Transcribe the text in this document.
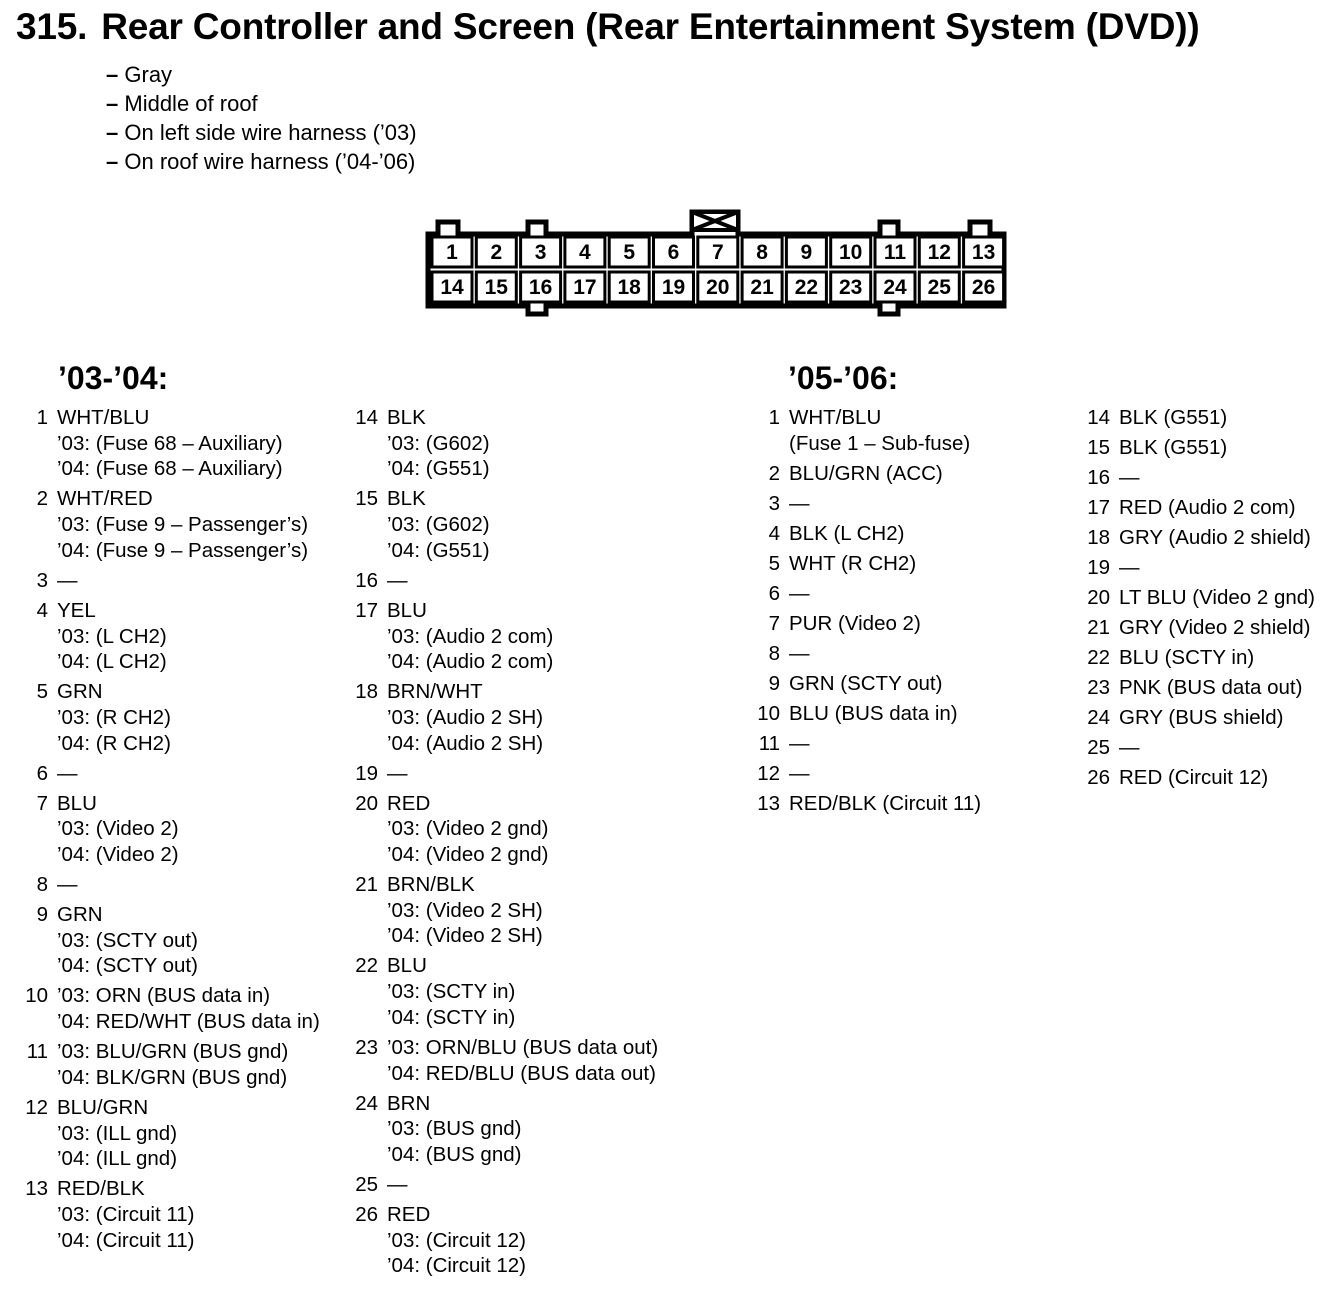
315. Rear Controller and Screen (Rear Entertainment System (DVD))
– Gray
– Middle of roof
– On left side wire harness (’03)
– On roof wire harness (’04-’06)
1	2	3	4	5	6	7	8	9	10	11	12 13
14 15 16 17 18 19 20 21 22 23 24 25 26
’03-’04:	’05-’06:
1 WHT/BLU
’03: (Fuse 68 – Auxiliary)
’04: (Fuse 68 – Auxiliary)
2 WHT/RED
’03: (Fuse 9 – Passenger’s)
’04: (Fuse 9 – Passenger’s)
3 —
4 YEL
’03: (L CH2)
’04: (L CH2)
5 GRN
’03: (R CH2)
’04: (R CH2)
6 —
7 BLU
’03: (Video 2)
’04: (Video 2)
8 —
9 GRN
’03: (SCTY out)
’04: (SCTY out)
10 ’03: ORN (BUS data in)
’04: RED/WHT (BUS data in)
11 ’03: BLU/GRN (BUS gnd)
’04: BLK/GRN (BUS gnd)
12 BLU/GRN
’03: (ILL gnd)
’04: (ILL gnd)
13 RED/BLK
’03: (Circuit 11)
’04: (Circuit 11)
14 BLK
’03: (G602)
’04: (G551)
15 BLK
’03: (G602)
’04: (G551)
16 —
17 BLU
’03: (Audio 2 com)
’04: (Audio 2 com)
18 BRN/WHT
’03: (Audio 2 SH)
’04: (Audio 2 SH)
19 —
20 RED
’03: (Video 2 gnd)
’04: (Video 2 gnd)
21 BRN/BLK
’03: (Video 2 SH)
’04: (Video 2 SH)
22 BLU
’03: (SCTY in)
’04: (SCTY in)
23 ’03: ORN/BLU (BUS data out)
’04: RED/BLU (BUS data out)
24 BRN
’03: (BUS gnd)
’04: (BUS gnd)
25 —
26 RED
’03: (Circuit 12)
’04: (Circuit 12)
1 WHT/BLU
(Fuse 1 – Sub-fuse)
2 BLU/GRN (ACC)
3 —
4 BLK (L CH2)
5 WHT (R CH2)
6 —
7 PUR (Video 2)
8 —
9 GRN (SCTY out)
10 BLU (BUS data in)
11 —
12 —
13 RED/BLK (Circuit 11)
14 BLK (G551)
15 BLK (G551)
16 —
17 RED (Audio 2 com)
18 GRY (Audio 2 shield)
19 —
20 LT BLU (Video 2 gnd)
21 GRY (Video 2 shield)
22 BLU (SCTY in)
23 PNK (BUS data out)
24 GRY (BUS shield)
25 —
26 RED (Circuit 12)
